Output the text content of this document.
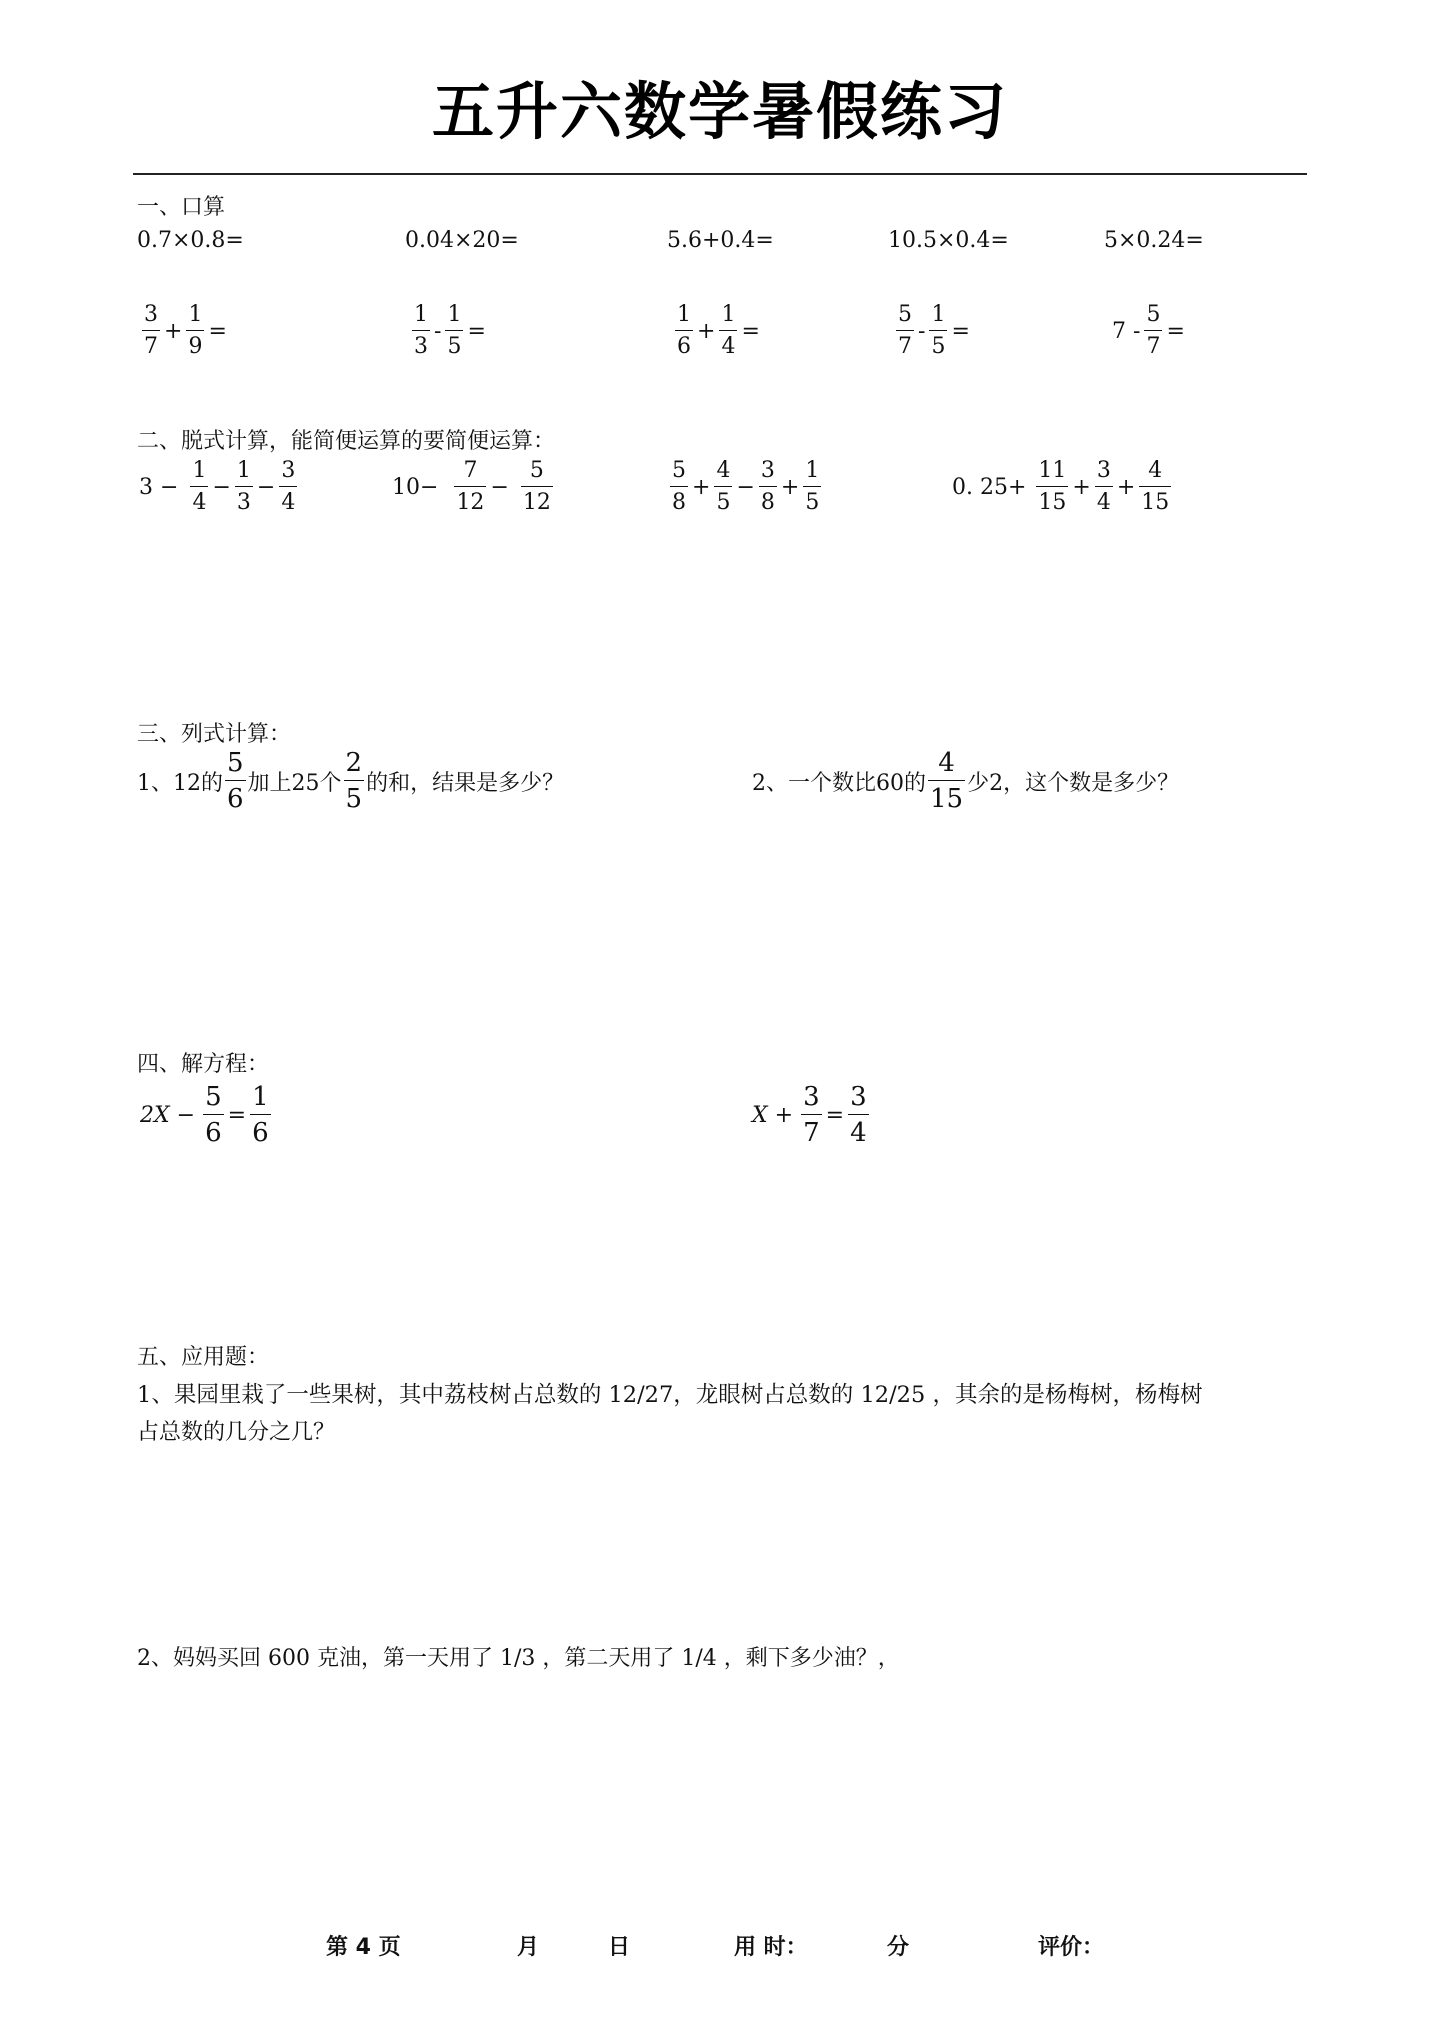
五升六数学暑假练习
一、口算
0.7×0.8=	0.04×20=	5.6+0.4=	10.5×0.4=	5×0.24=
$\frac{3}{7} + \frac{1}{9}$ =	$\frac{1}{3} - \frac{1}{5}$ =	$\frac{1}{6} + \frac{1}{4}$ =	$\frac{5}{7} - \frac{1}{5}$ =	$7 - \frac{5}{7}$ =
二、脱式计算，能简便运算的要简便运算：
$3 - \frac{1}{4} - \frac{1}{3} - \frac{3}{4}$	$10- \frac{7}{12} - \frac{5}{12}$	$\frac{5}{8} + \frac{4}{5} - \frac{3}{8} + \frac{1}{5}$	0. $25+ \frac{11}{15} + \frac{3}{4} + \frac{4}{15}$
三、列式计算：
1、12的 $\frac{5}{6}$ 加上25个 $\frac{2}{5}$ 的和，结果是多少？	2、一个数比60的 $\frac{4}{15}$ 少2，这个数是多少？
四、解方程：
$2X - \frac{5}{6} = \frac{1}{6}$	$X + \frac{3}{7} = \frac{3}{4}$
五、应用题：
1、果园里栽了一些果树，其中荔枝树占总数的 12/27，龙眼树占总数的 12/25 ，其余的是杨梅树，杨梅树
占总数的几分之几？
2、妈妈买回 600 克油，第一天用了 1/3 ，第二天用了 1/4 ，剩下多少油？，
第 4 页	月	日	用 时：	分	评价：
